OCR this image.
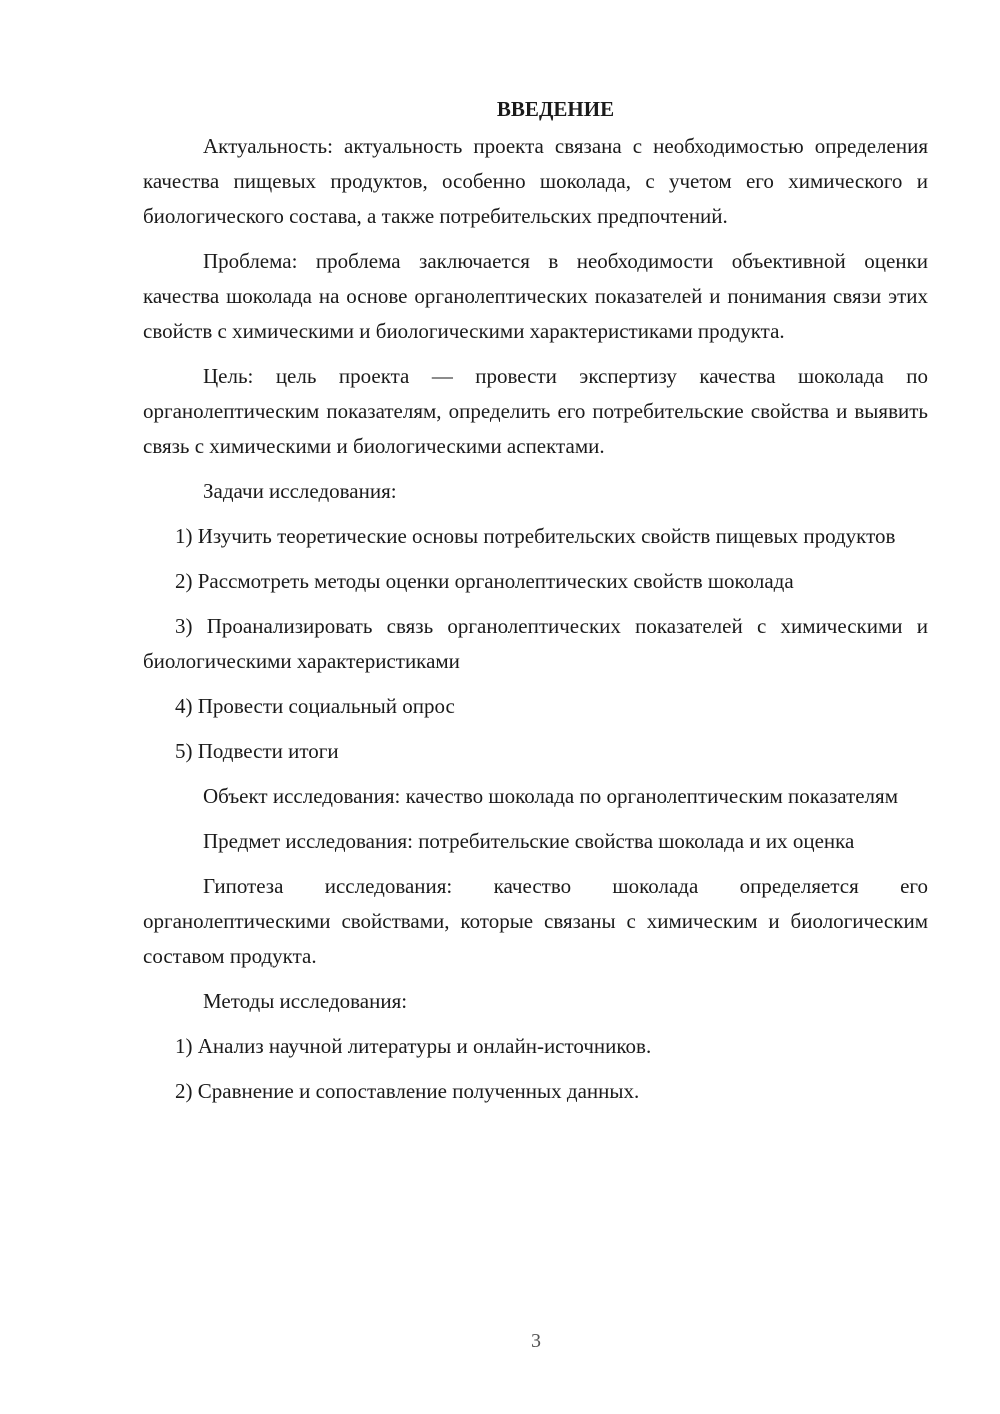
ВВЕДЕНИЕ

Актуальность: актуальность проекта связана с необходимостью определения качества пищевых продуктов, особенно шоколада, с учетом его химического и биологического состава, а также потребительских предпочтений.

Проблема: проблема заключается в необходимости объективной оценки качества шоколада на основе органолептических показателей и понимания связи этих свойств с химическими и биологическими характеристиками продукта.

Цель: цель проекта — провести экспертизу качества шоколада по органолептическим показателям, определить его потребительские свойства и выявить связь с химическими и биологическими аспектами.

Задачи исследования:

1) Изучить теоретические основы потребительских свойств пищевых продуктов

2) Рассмотреть методы оценки органолептических свойств шоколада

3) Проанализировать связь органолептических показателей с химическими и биологическими характеристиками

4) Провести социальный опрос

5) Подвести итоги

Объект исследования: качество шоколада по органолептическим показателям

Предмет исследования: потребительские свойства шоколада и их оценка

Гипотеза исследования: качество шоколада определяется его органолептическими свойствами, которые связаны с химическим и биологическим составом продукта.

Методы исследования:

1) Анализ научной литературы и онлайн-источников.

2) Сравнение и сопоставление полученных данных.

3
